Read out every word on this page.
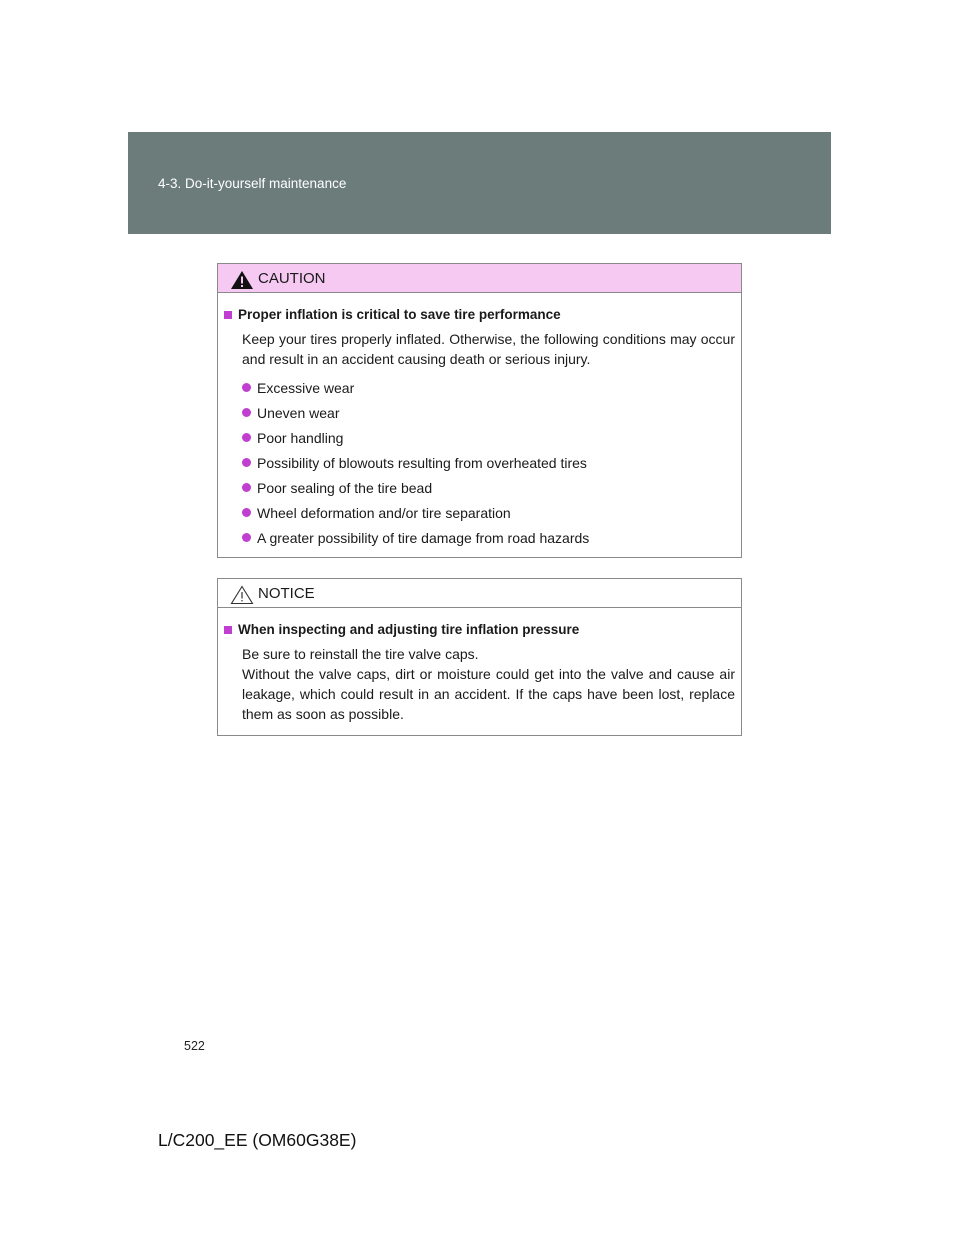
4-3. Do-it-yourself maintenance
CAUTION
Proper inflation is critical to save tire performance

Keep your tires properly inflated. Otherwise, the following conditions may occur and result in an accident causing death or serious injury.

Excessive wear
Uneven wear
Poor handling
Possibility of blowouts resulting from overheated tires
Poor sealing of the tire bead
Wheel deformation and/or tire separation
A greater possibility of tire damage from road hazards
NOTICE
When inspecting and adjusting tire inflation pressure

Be sure to reinstall the tire valve caps.

Without the valve caps, dirt or moisture could get into the valve and cause air leakage, which could result in an accident. If the caps have been lost, replace them as soon as possible.

522
L/C200_EE (OM60G38E)
